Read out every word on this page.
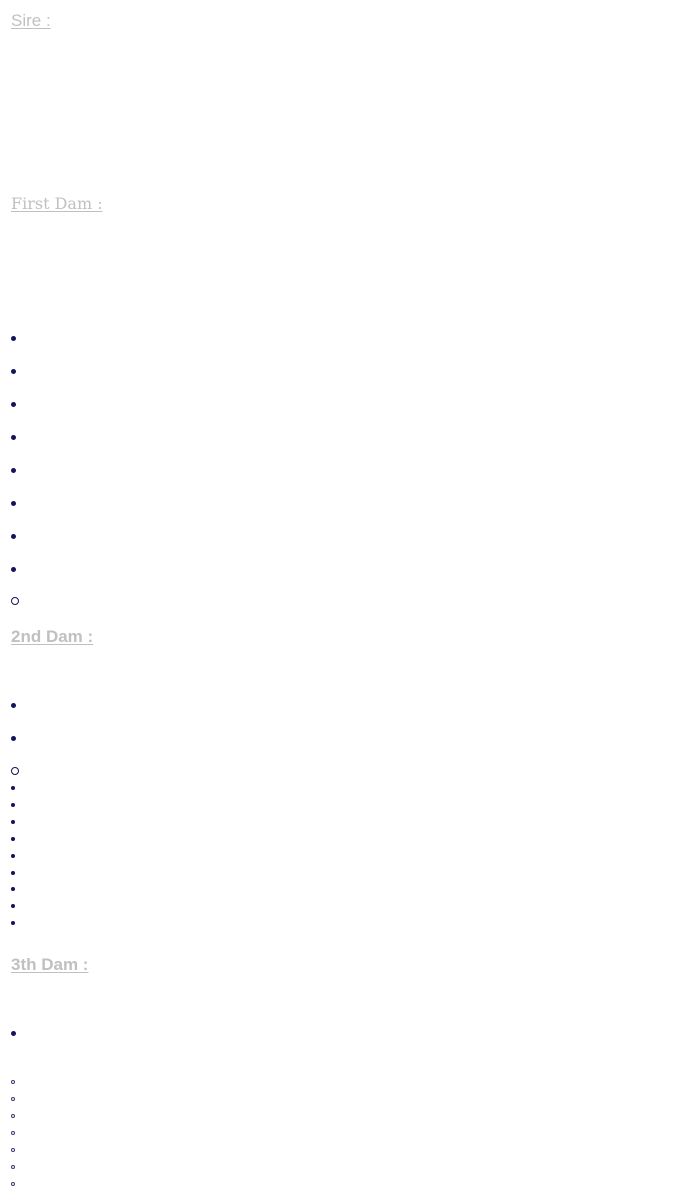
Sire :
First Dam :
2nd Dam :
3th Dam :
